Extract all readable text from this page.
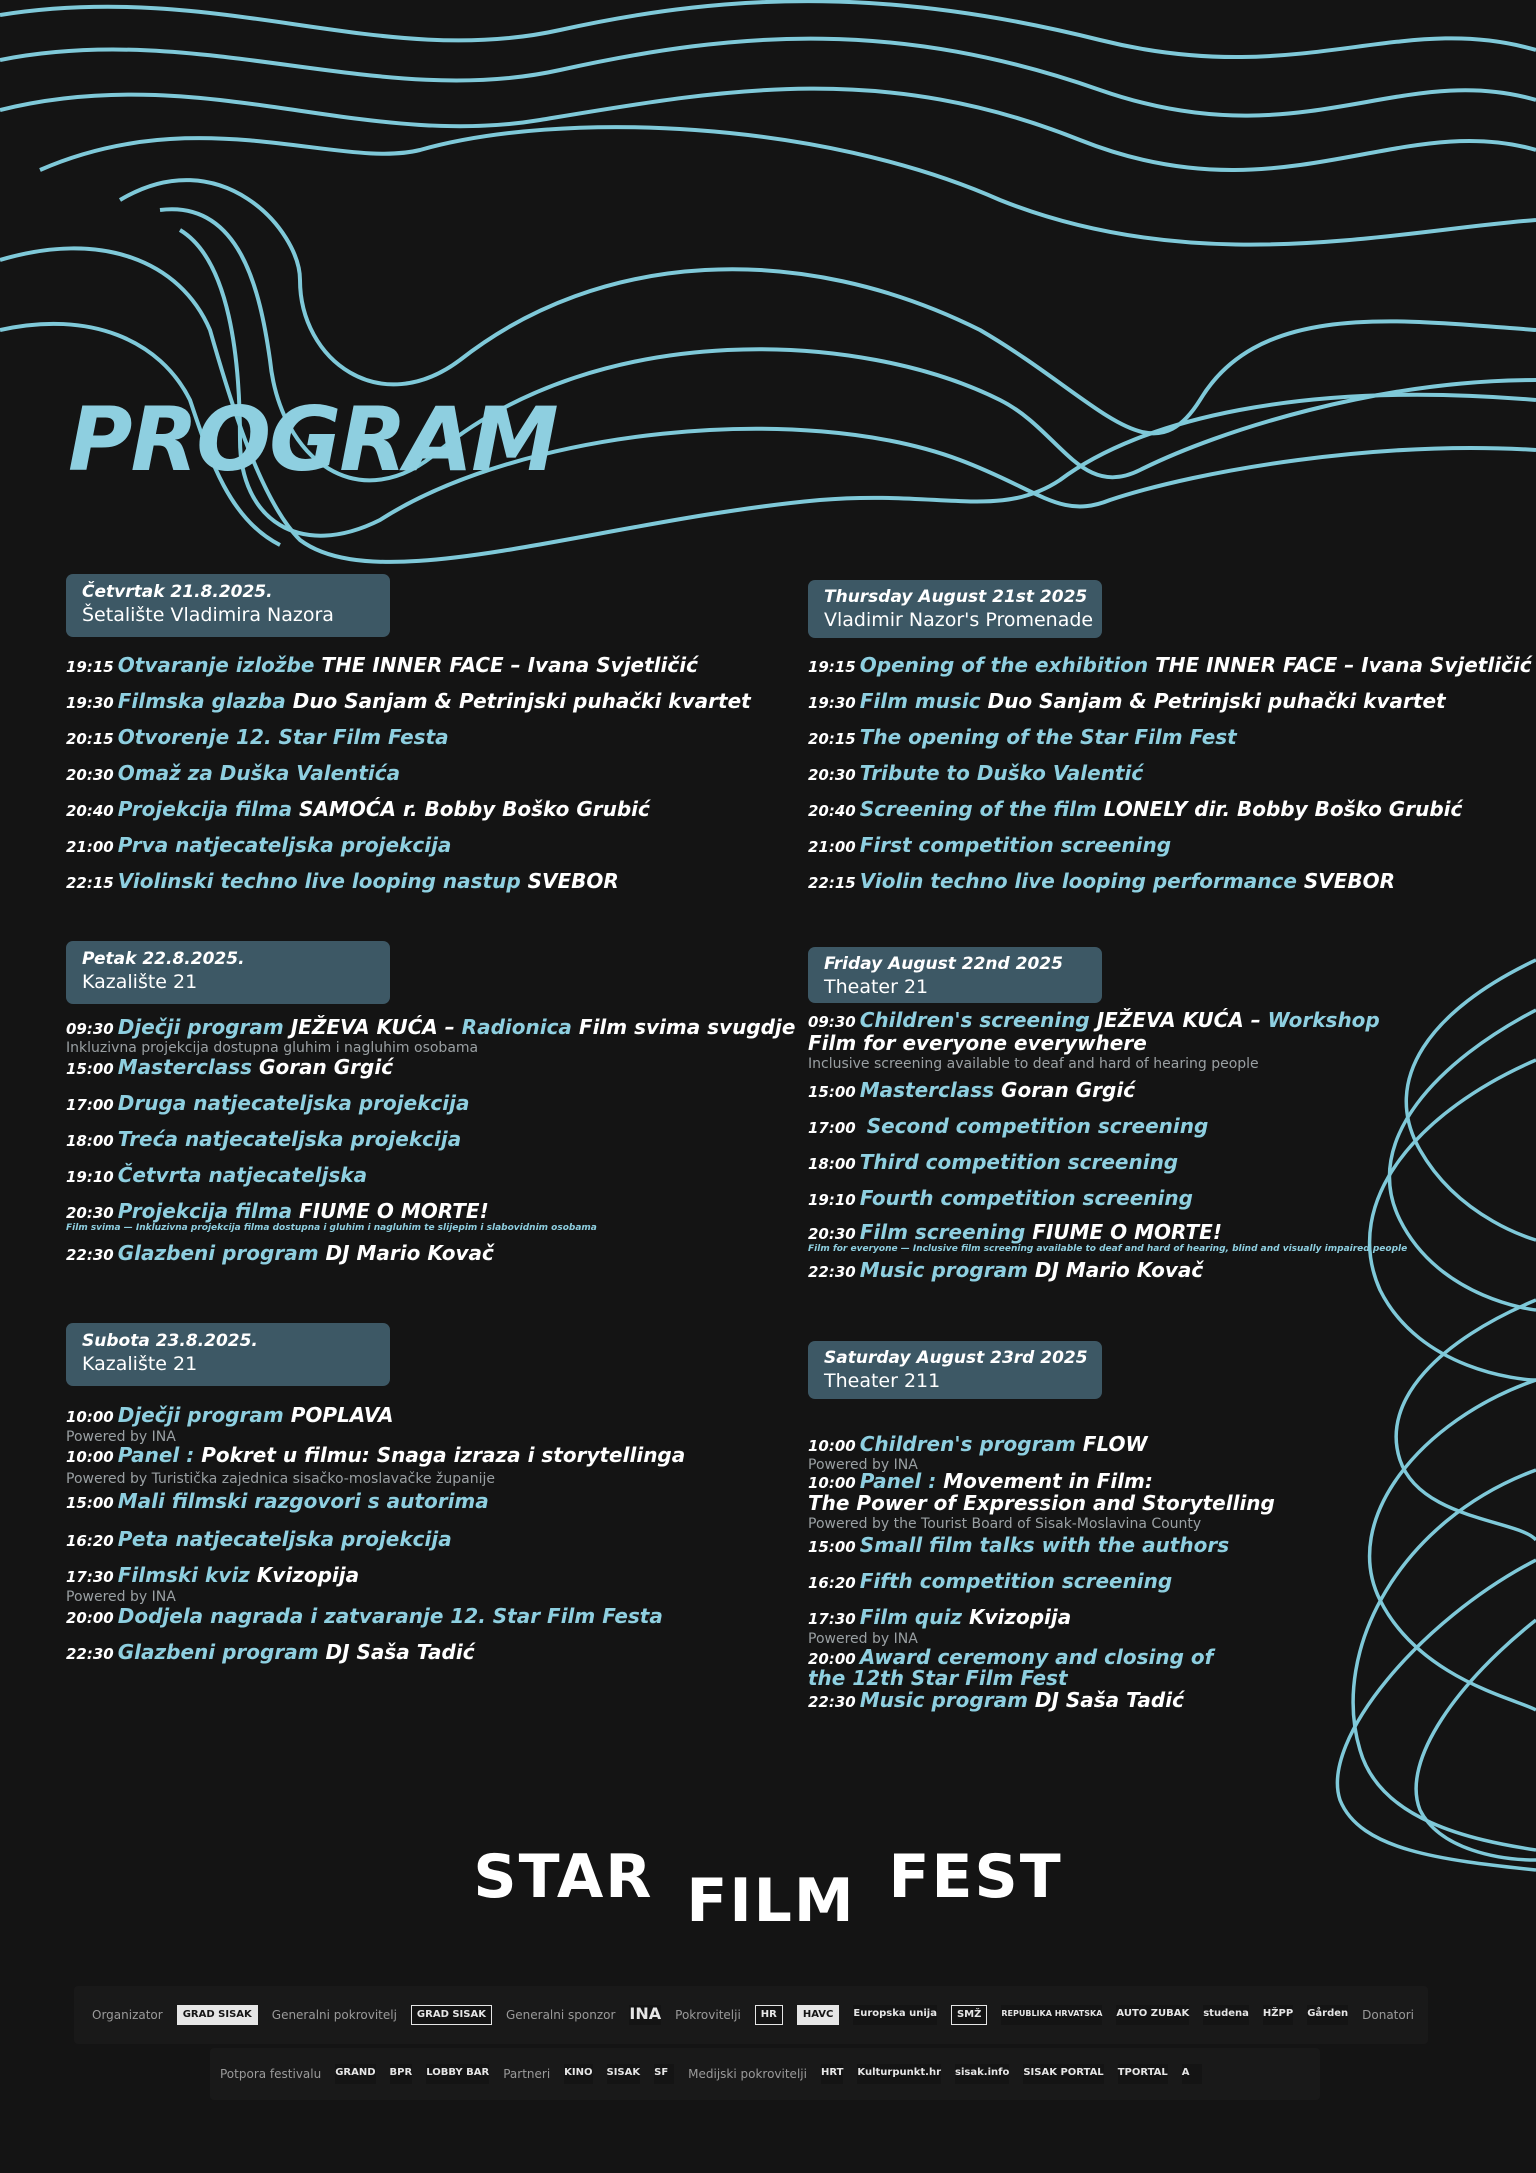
PROGRAM
Četvrtak 21.8.2025.
Šetalište Vladimira Nazora
19:15 Otvaranje izložbe THE INNER FACE – Ivana Svjetličić
19:30 Filmska glazba Duo Sanjam & Petrinjski puhački kvartet
20:15 Otvorenje 12. Star Film Festa
20:30 Omaž za Duška Valentića
20:40 Projekcija filma SAMOĆA r. Bobby Boško Grubić
21:00 Prva natjecateljska projekcija
22:15 Violinski techno live looping nastup SVEBOR
Petak 22.8.2025.
Kazalište 21
09:30 Dječji program JEŽEVA KUĆA – Radionica Film svima svugdje
Inkluzivna projekcija dostupna gluhim i nagluhim osobama
15:00 Masterclass Goran Grgić
17:00 Druga natjecateljska projekcija
18:00 Treća natjecateljska projekcija
19:10 Četvrta natjecateljska
20:30 Projekcija filma FIUME O MORTE!
Film svima — Inkluzivna projekcija filma dostupna i gluhim i nagluhim te slijepim i slabovidnim osobama
22:30 Glazbeni program DJ Mario Kovač
Subota 23.8.2025.
Kazalište 21
10:00 Dječji program POPLAVA
Powered by INA
10:00 Panel : Pokret u filmu: Snaga izraza i storytellinga
Powered by Turistička zajednica sisačko-moslavačke županije
15:00 Mali filmski razgovori s autorima
16:20 Peta natjecateljska projekcija
17:30 Filmski kviz Kvizopija
Powered by INA
20:00 Dodjela nagrada i zatvaranje 12. Star Film Festa
22:30 Glazbeni program DJ Saša Tadić
Thursday August 21st 2025
Vladimir Nazor's Promenade
19:15 Opening of the exhibition THE INNER FACE – Ivana Svjetličić
19:30 Film music Duo Sanjam & Petrinjski puhački kvartet
20:15 The opening of the Star Film Fest
20:30 Tribute to Duško Valentić
20:40 Screening of the film LONELY dir. Bobby Boško Grubić
21:00 First competition screening
22:15 Violin techno live looping performance SVEBOR
Friday August 22nd 2025
Theater 21
09:30 Children's screening JEŽEVA KUĆA – Workshop
Film for everyone everywhere
Inclusive screening available to deaf and hard of hearing people
15:00 Masterclass Goran Grgić
17:00 Second competition screening
18:00 Third competition screening
19:10 Fourth competition screening
20:30 Film screening FIUME O MORTE!
Film for everyone — Inclusive film screening available to deaf and hard of hearing, blind and visually impaired people
22:30 Music program DJ Mario Kovač
Saturday August 23rd 2025
Theater 211
10:00 Children's program FLOW
Powered by INA
10:00 Panel : Movement in Film:
The Power of Expression and Storytelling
Powered by the Tourist Board of Sisak-Moslavina County
15:00 Small film talks with the authors
16:20 Fifth competition screening
17:30 Film quiz Kvizopija
Powered by INA
20:00 Award ceremony and closing of
the 12th Star Film Fest
22:30 Music program DJ Saša Tadić
STAR FILM FEST
Organizator	GRAD SISAK	Generalni pokrovitelj	GRAD SISAK	Generalni sponzor INA Pokrovitelji	HR	HAVC	Europska unija	SMŽ	REPUBLIKA HRVATSKA AUTO ZUBAK studena HŽPP Gården Donatori
Potpora festivalu GRAND BPR LOBBY BAR Partneri KINO SISAK SF	Medijski pokrovitelji HRT Kulturpunkt.hr sisak.info SISAK PORTAL TPORTAL A
